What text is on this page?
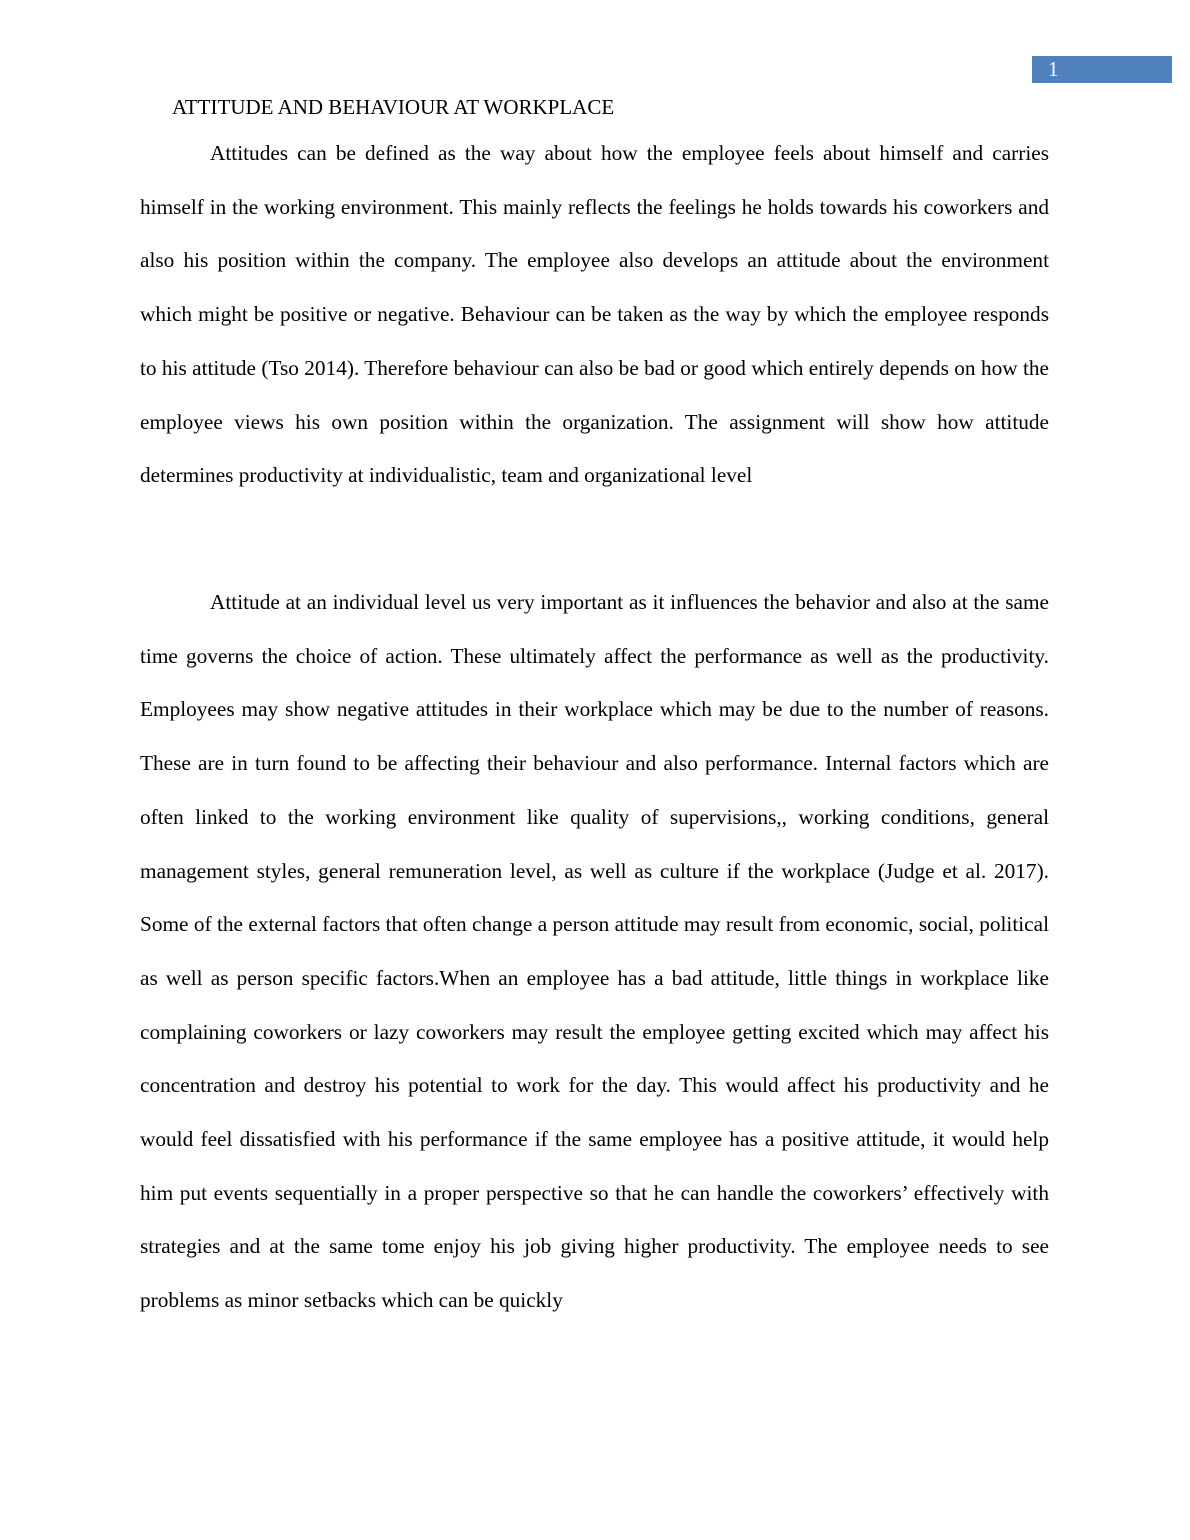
1
ATTITUDE AND BEHAVIOUR AT WORKPLACE

Attitudes can be defined as the way about how the employee feels about himself and carries himself in the working environment. This mainly reflects the feelings he holds towards his coworkers and also his position within the company. The employee also develops an attitude about the environment which might be positive or negative. Behaviour can be taken as the way by which the employee responds to his attitude (Tso 2014). Therefore behaviour can also be bad or good which entirely depends on how the employee views his own position within the organization. The assignment will show how attitude determines productivity at individualistic, team and organizational level

Attitude at an individual level us very important as it influences the behavior and also at the same time governs the choice of action. These ultimately affect the performance as well as the productivity. Employees may show negative attitudes in their workplace which may be due to the number of reasons. These are in turn found to be affecting their behaviour and also performance. Internal factors which are often linked to the working environment like quality of supervisions,, working conditions, general management styles, general remuneration level, as well as culture if the workplace (Judge et al. 2017). Some of the external factors that often change a person attitude may result from economic, social, political as well as person specific factors.When an employee has a bad attitude, little things in workplace like complaining coworkers or lazy coworkers may result the employee getting excited which may affect his concentration and destroy his potential to work for the day. This would affect his productivity and he would feel dissatisfied with his performance if the same employee has a positive attitude, it would help him put events sequentially in a proper perspective so that he can handle the coworkers’ effectively with strategies and at the same tome enjoy his job giving higher productivity. The employee needs to see problems as minor setbacks which can be quickly
